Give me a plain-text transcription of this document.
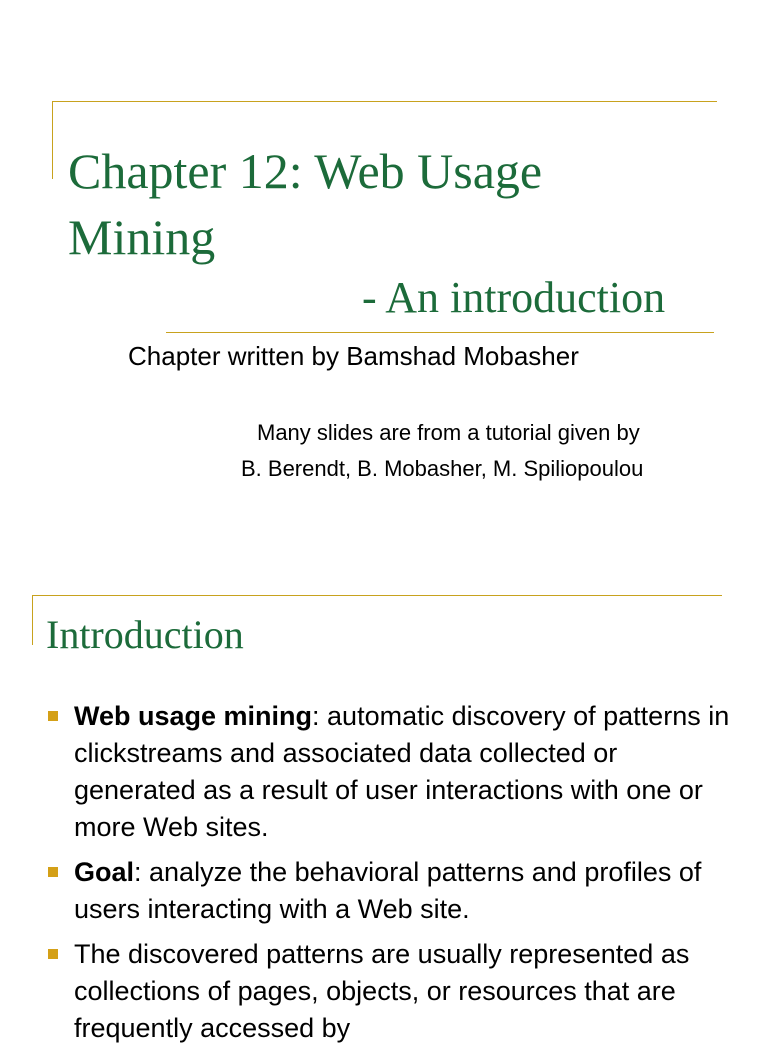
Chapter 12: Web Usage Mining
- An introduction
Chapter written by Bamshad Mobasher
Many slides are from a tutorial given by
B. Berendt, B. Mobasher, M. Spiliopoulou
Introduction
Web usage mining: automatic discovery of patterns in clickstreams and associated data collected or generated as a result of user interactions with one or more Web sites.
Goal: analyze the behavioral patterns and profiles of users interacting with a Web site.
The discovered patterns are usually represented as collections of pages, objects, or resources that are frequently accessed by
